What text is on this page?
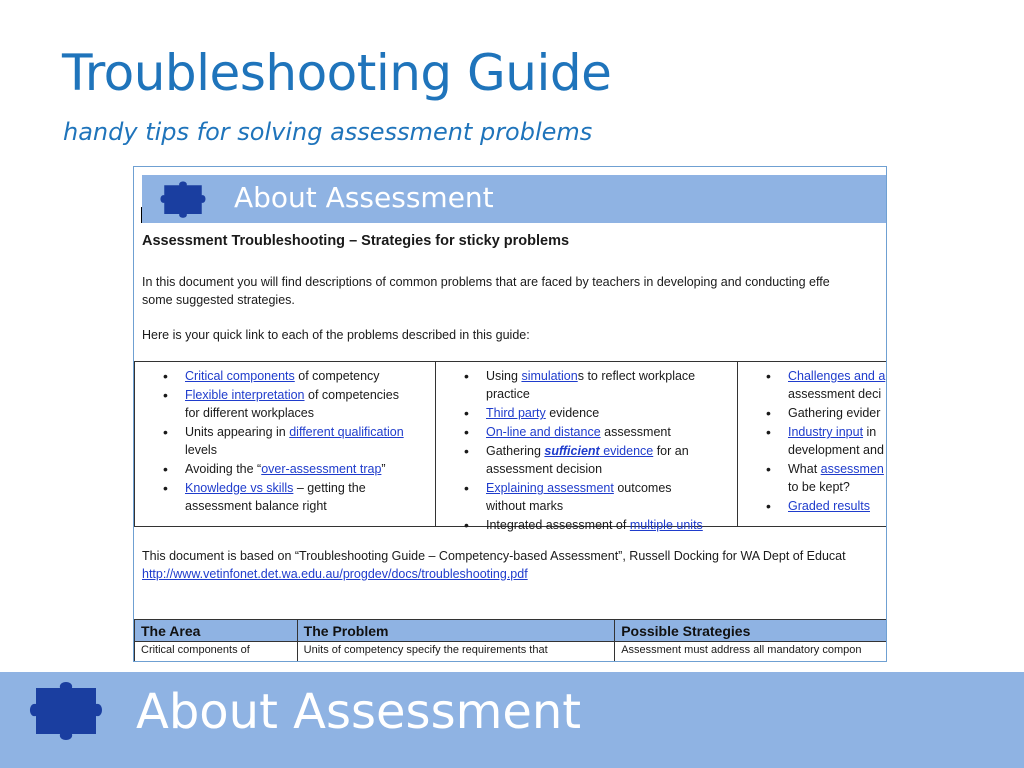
Troubleshooting Guide
handy tips for solving assessment problems
About Assessment
Assessment Troubleshooting – Strategies for sticky problems
In this document you will find descriptions of common problems that are faced by teachers in developing and conducting effe
some suggested strategies.
Here is your quick link to each of the problems described in this guide:
• Critical components of competency
• Flexible interpretation of competencies
for different workplaces
• Units appearing in different qualification
levels
• Avoiding the “over-assessment trap”
• Knowledge vs skills – getting the
assessment balance right
• Using simulations to reflect workplace
practice
• Third party evidence
• On-line and distance assessment
• Gathering sufficient evidence for an
assessment decision
• Explaining assessment outcomes
without marks
• Integrated assessment of multiple units
• Challenges and a
assessment deci
• Gathering evider
• Industry input in
development and
• What assessmen
to be kept?
• Graded results
This document is based on “Troubleshooting Guide – Competency-based Assessment”, Russell Docking for WA Dept of Educat
http://www.vetinfonet.det.wa.edu.au/progdev/docs/troubleshooting.pdf
The Area	The Problem	Possible Strategies
Critical components of	Units of competency specify the requirements that	Assessment must address all mandatory compon
About Assessment
